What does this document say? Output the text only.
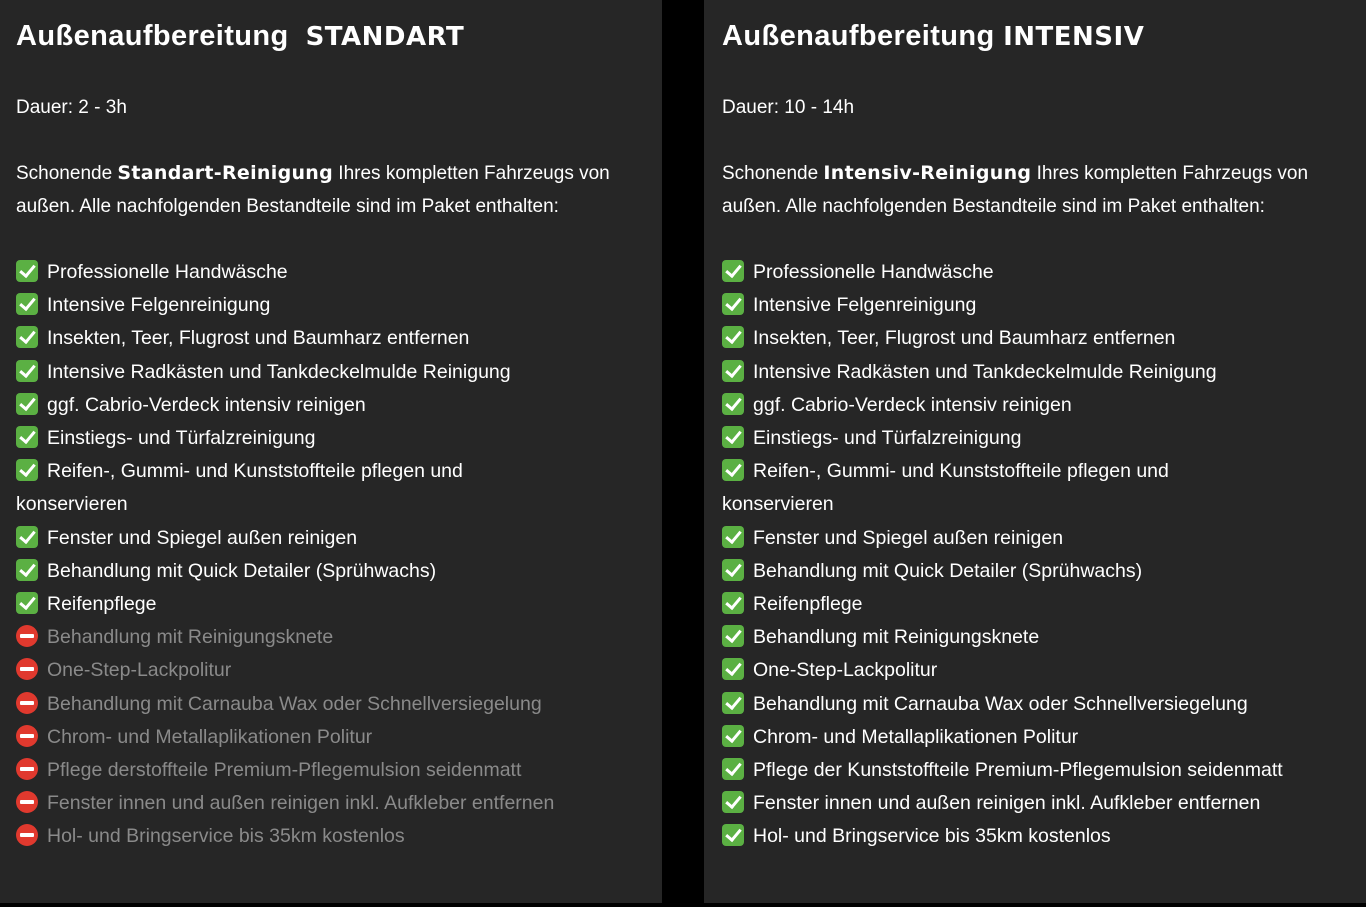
Außenaufbereitung STANDART
Dauer: 2 - 3h
Schonende Standart-Reinigung Ihres kompletten Fahrzeugs von außen. Alle nachfolgenden Bestandteile sind im Paket enthalten:
Professionelle Handwäsche
Intensive Felgenreinigung
Insekten, Teer, Flugrost und Baumharz entfernen
Intensive Radkästen und Tankdeckelmulde Reinigung
ggf. Cabrio-Verdeck intensiv reinigen
Einstiegs- und Türfalzreinigung
Reifen-, Gummi- und Kunststoffteile pflegen und konservieren
Fenster und Spiegel außen reinigen
Behandlung mit Quick Detailer (Sprühwachs)
Reifenpflege
Behandlung mit Reinigungsknete
One-Step-Lackpolitur
Behandlung mit Carnauba Wax oder Schnellversiegelung
Chrom- und Metallaplikationen Politur
Pflege derstoffteile Premium-Pflegemulsion seidenmatt
Fenster innen und außen reinigen inkl. Aufkleber entfernen
Hol- und Bringservice bis 35km kostenlos
Außenaufbereitung INTENSIV
Dauer: 10 - 14h
Schonende Intensiv-Reinigung Ihres kompletten Fahrzeugs von außen. Alle nachfolgenden Bestandteile sind im Paket enthalten:
Professionelle Handwäsche
Intensive Felgenreinigung
Insekten, Teer, Flugrost und Baumharz entfernen
Intensive Radkästen und Tankdeckelmulde Reinigung
ggf. Cabrio-Verdeck intensiv reinigen
Einstiegs- und Türfalzreinigung
Reifen-, Gummi- und Kunststoffteile pflegen und konservieren
Fenster und Spiegel außen reinigen
Behandlung mit Quick Detailer (Sprühwachs)
Reifenpflege
Behandlung mit Reinigungsknete
One-Step-Lackpolitur
Behandlung mit Carnauba Wax oder Schnellversiegelung
Chrom- und Metallaplikationen Politur
Pflege der Kunststoffteile Premium-Pflegemulsion seidenmatt
Fenster innen und außen reinigen inkl. Aufkleber entfernen
Hol- und Bringservice bis 35km kostenlos
